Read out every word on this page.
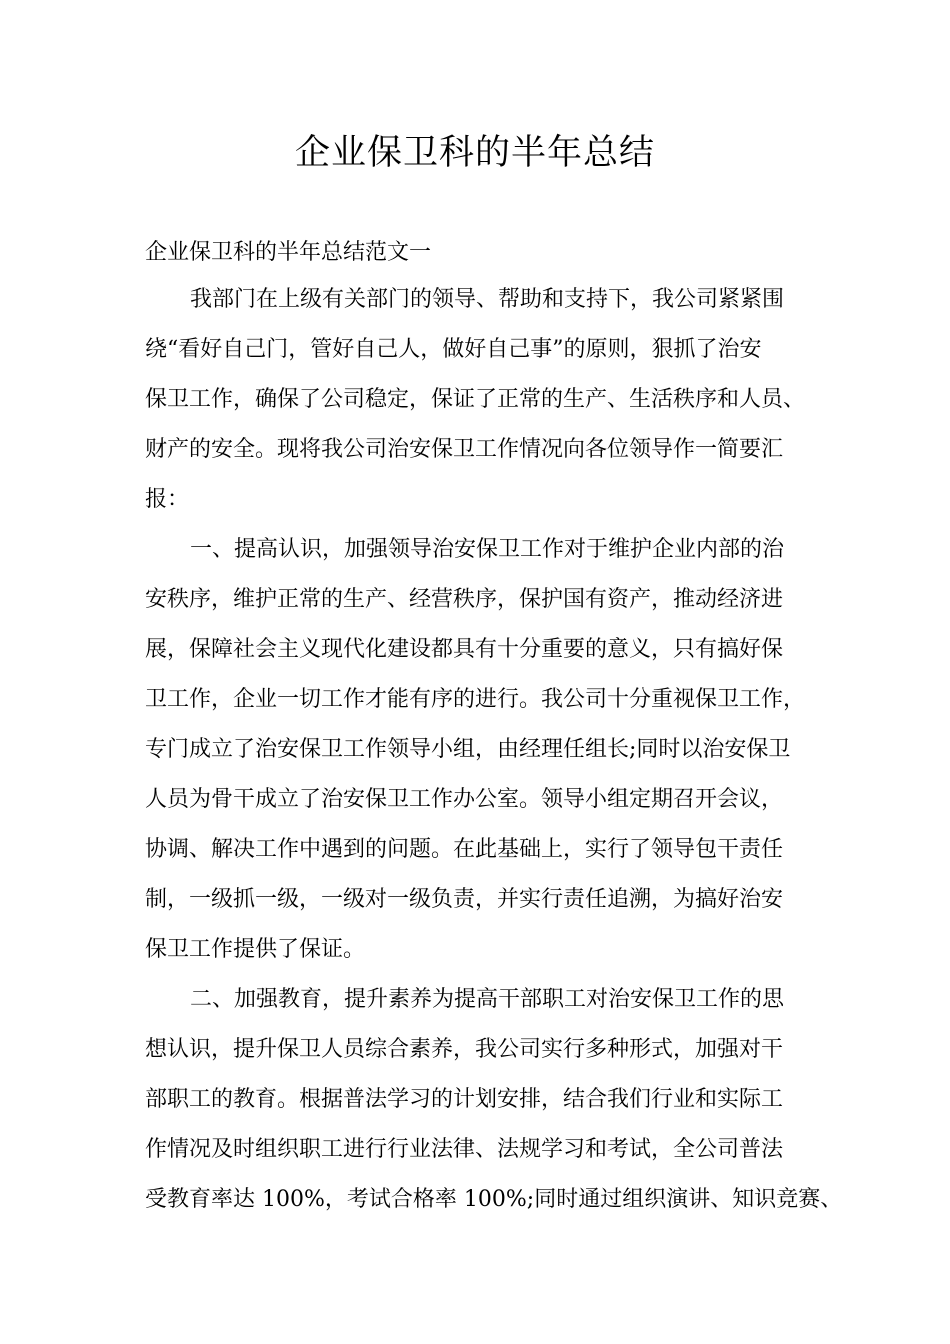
企业保卫科的半年总结

企业保卫科的半年总结范文一

我部门在上级有关部门的领导、帮助和支持下，我公司紧紧围

绕“看好自己门，管好自己人，做好自己事”的原则，狠抓了治安

保卫工作，确保了公司稳定，保证了正常的生产、生活秩序和人员、

财产的安全。现将我公司治安保卫工作情况向各位领导作一简要汇

报：

一、提高认识，加强领导治安保卫工作对于维护企业内部的治

安秩序，维护正常的生产、经营秩序，保护国有资产，推动经济进

展，保障社会主义现代化建设都具有十分重要的意义，只有搞好保

卫工作，企业一切工作才能有序的进行。我公司十分重视保卫工作，

专门成立了治安保卫工作领导小组，由经理任组长;同时以治安保卫

人员为骨干成立了治安保卫工作办公室。领导小组定期召开会议，

协调、解决工作中遇到的问题。在此基础上，实行了领导包干责任

制，一级抓一级，一级对一级负责，并实行责任追溯，为搞好治安

保卫工作提供了保证。

二、加强教育，提升素养为提高干部职工对治安保卫工作的思

想认识，提升保卫人员综合素养，我公司实行多种形式，加强对干

部职工的教育。根据普法学习的计划安排，结合我们行业和实际工

作情况及时组织职工进行行业法律、法规学习和考试，全公司普法

受教育率达 100%，考试合格率 100%;同时通过组织演讲、知识竞赛、
